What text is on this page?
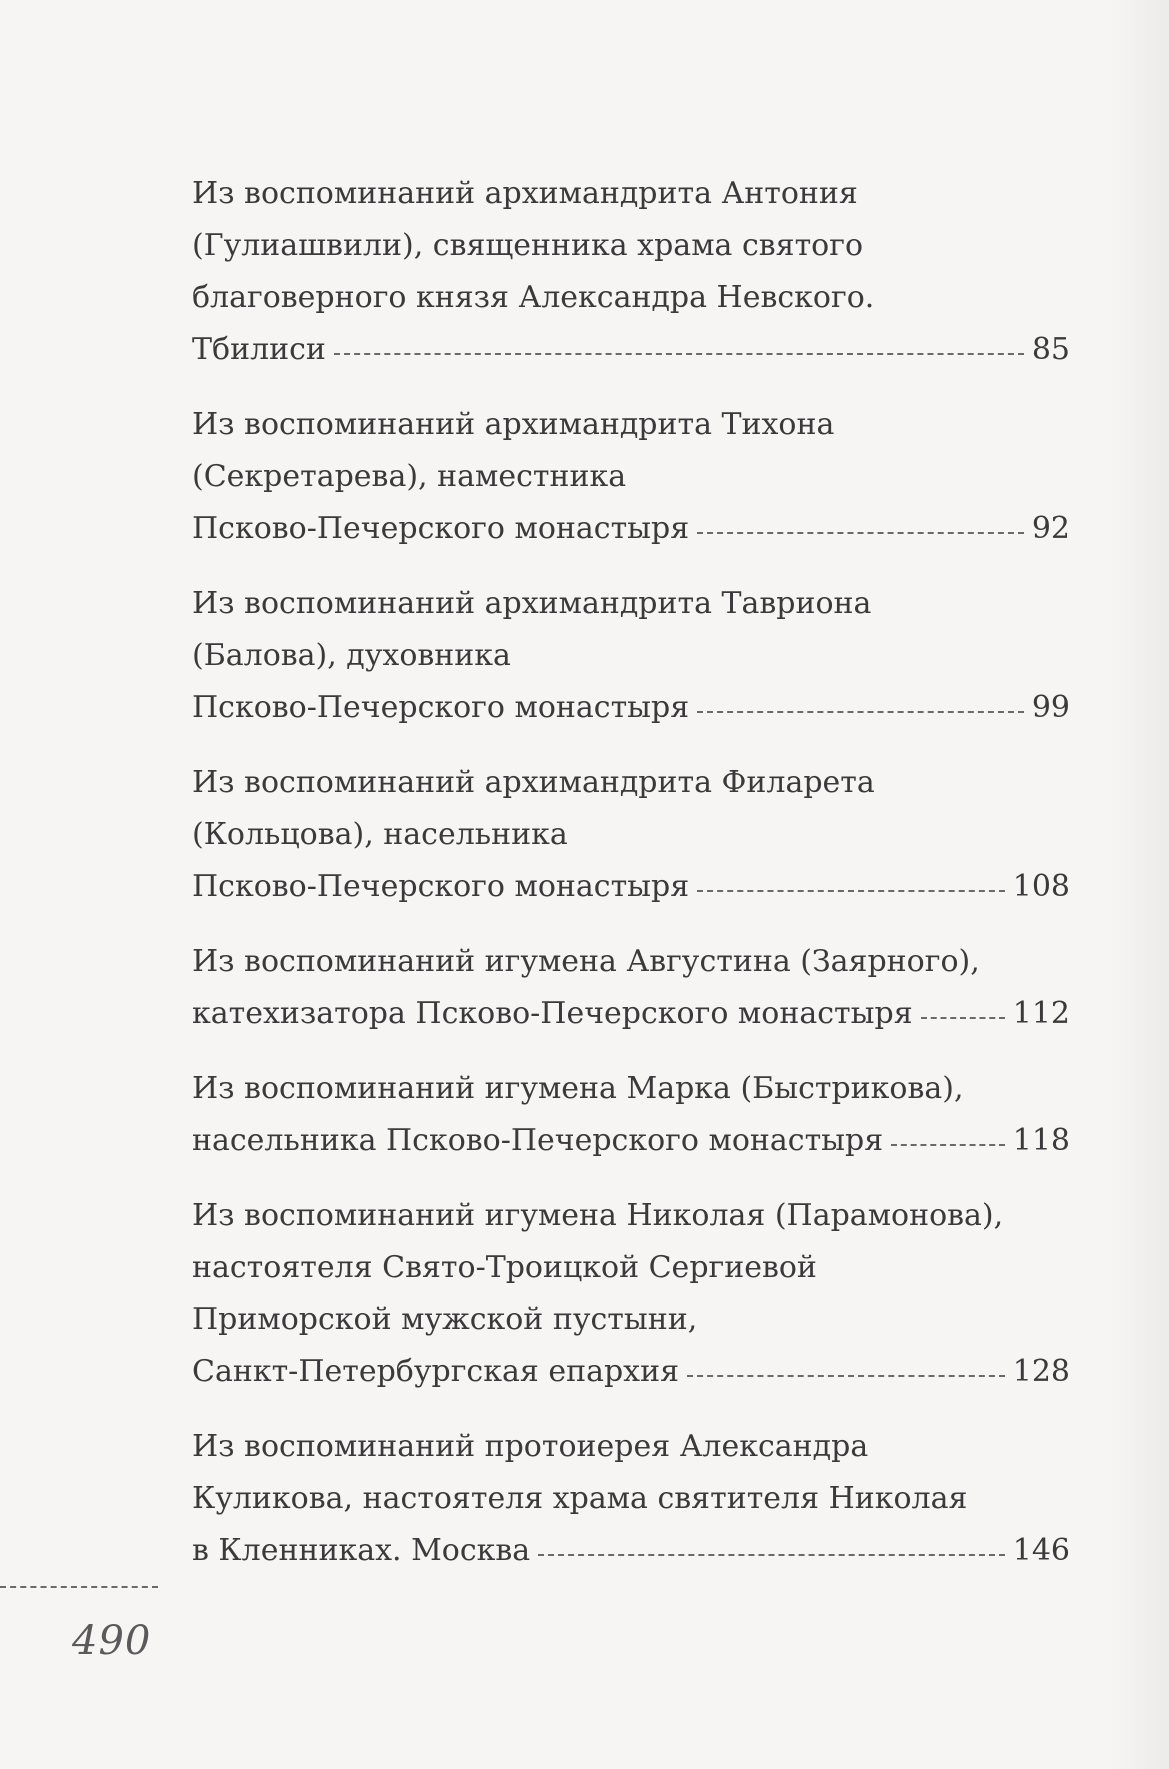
Из воспоминаний архимандрита Антония
(Гулиашвили), священника храма святого
благоверного князя Александра Невского.
Тбилиси	85
Из воспоминаний архимандрита Тихона
(Секретарева), наместника
Псково-Печерского монастыря	92
Из воспоминаний архимандрита Тавриона
(Балова), духовника
Псково-Печерского монастыря	99
Из воспоминаний архимандрита Филарета
(Кольцова), насельника
Псково-Печерского монастыря	108
Из воспоминаний игумена Августина (Заярного),
катехизатора Псково-Печерского монастыря	112
Из воспоминаний игумена Марка (Быстрикова),
насельника Псково-Печерского монастыря	118
Из воспоминаний игумена Николая (Парамонова),
настоятеля Свято-Троицкой Сергиевой
Приморской мужской пустыни,
Санкт-Петербургская епархия	128
Из воспоминаний протоиерея Александра
Куликова, настоятеля храма святителя Николая
в Кленниках. Москва	146
490
